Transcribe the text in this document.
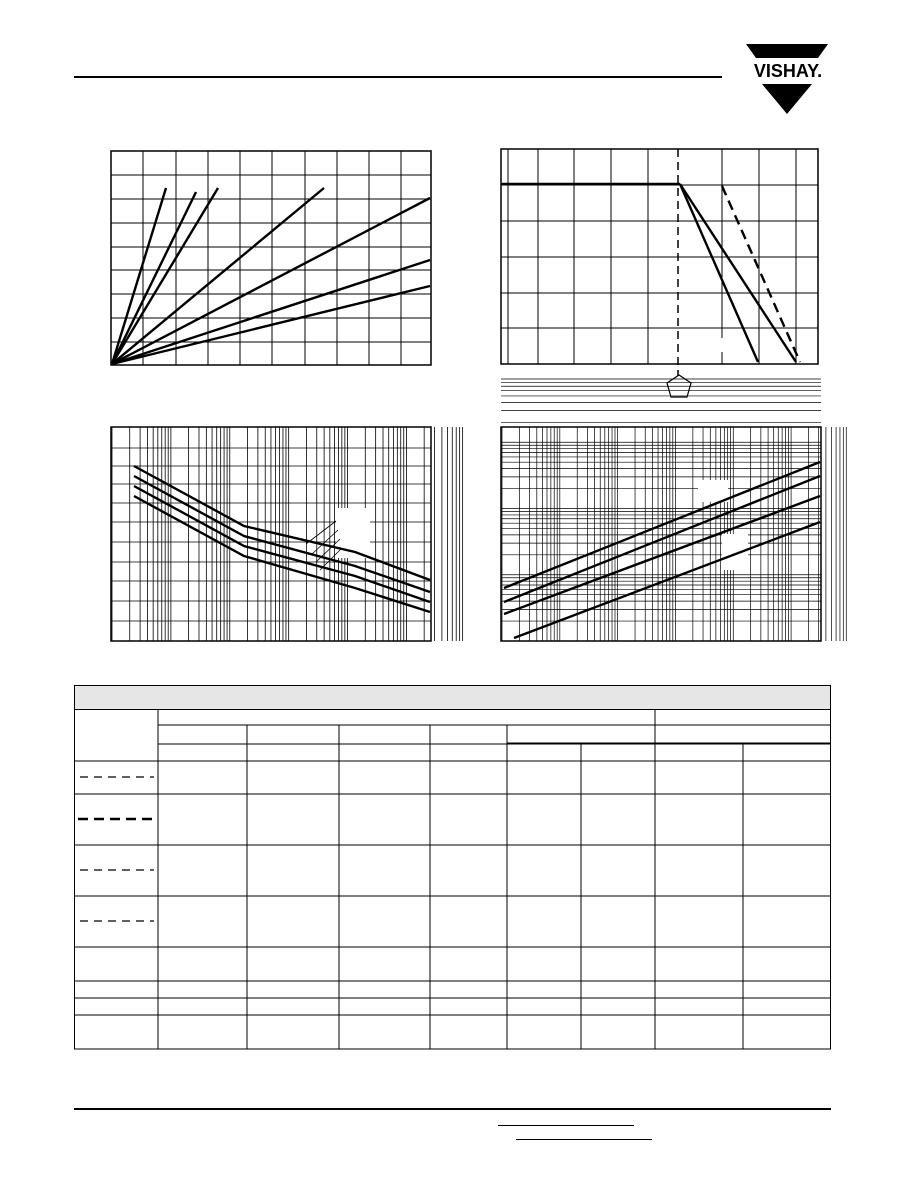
VISHAY.
